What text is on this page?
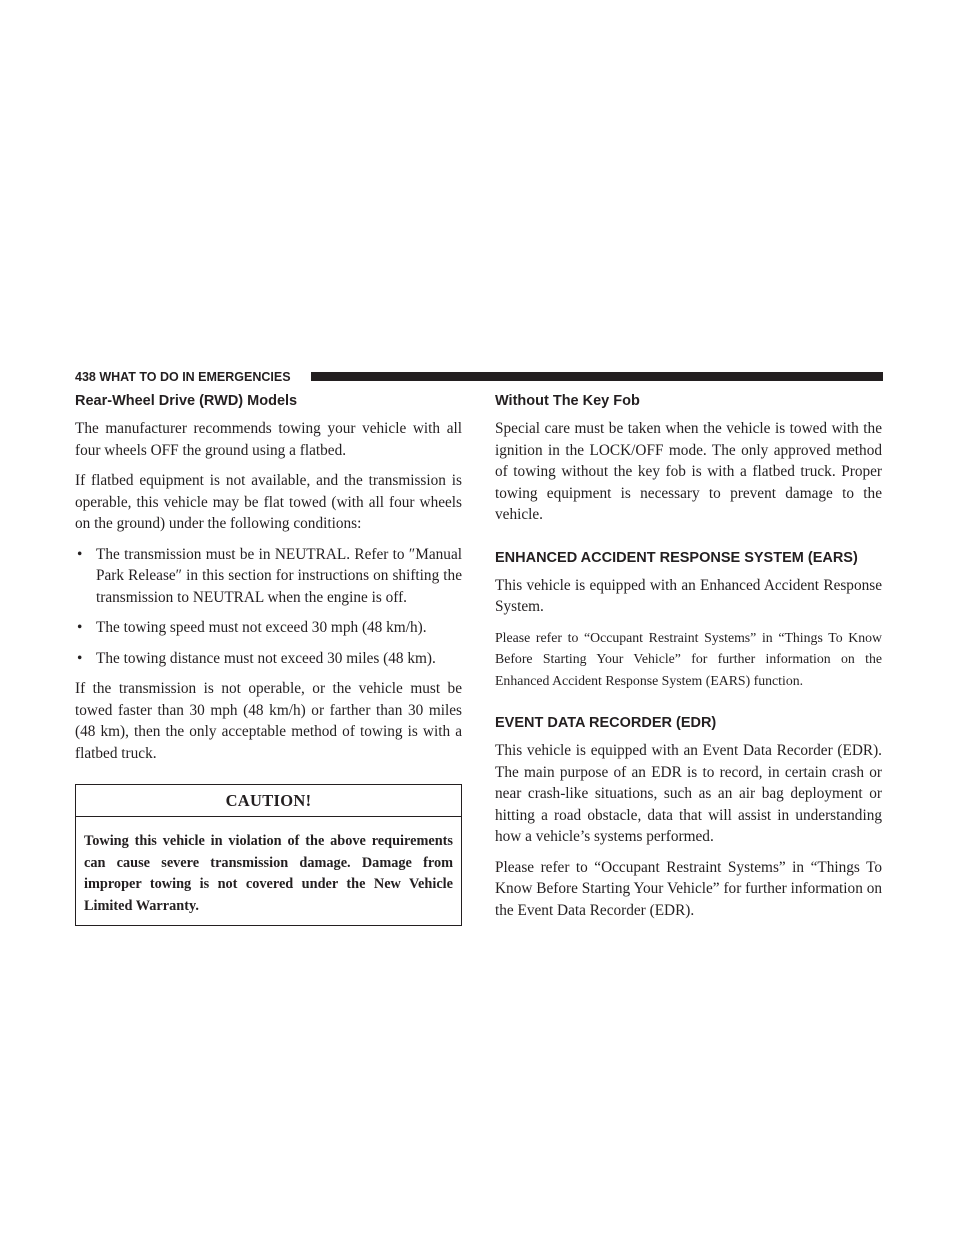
438 WHAT TO DO IN EMERGENCIES
Rear-Wheel Drive (RWD) Models

The manufacturer recommends towing your vehicle with all four wheels OFF the ground using a flatbed.

If flatbed equipment is not available, and the transmission is operable, this vehicle may be flat towed (with all four wheels on the ground) under the following conditions:

• The transmission must be in NEUTRAL. Refer to ″Manual Park Release″ in this section for instructions on shifting the transmission to NEUTRAL when the engine is off.
• The towing speed must not exceed 30 mph (48 km/h).
• The towing distance must not exceed 30 miles (48 km).

If the transmission is not operable, or the vehicle must be towed faster than 30 mph (48 km/h) or farther than 30 miles (48 km), then the only acceptable method of towing is with a flatbed truck.

CAUTION!
Towing this vehicle in violation of the above requirements can cause severe transmission damage. Damage from improper towing is not covered under the New Vehicle Limited Warranty.
Without The Key Fob

Special care must be taken when the vehicle is towed with the ignition in the LOCK/OFF mode. The only approved method of towing without the key fob is with a flatbed truck. Proper towing equipment is necessary to prevent damage to the vehicle.

ENHANCED ACCIDENT RESPONSE SYSTEM (EARS)

This vehicle is equipped with an Enhanced Accident Response System.

Please refer to “Occupant Restraint Systems” in “Things To Know Before Starting Your Vehicle” for further information on the Enhanced Accident Response System (EARS) function.

EVENT DATA RECORDER (EDR)

This vehicle is equipped with an Event Data Recorder (EDR). The main purpose of an EDR is to record, in certain crash or near crash-like situations, such as an air bag deployment or hitting a road obstacle, data that will assist in understanding how a vehicle’s systems performed.

Please refer to “Occupant Restraint Systems” in “Things To Know Before Starting Your Vehicle” for further information on the Event Data Recorder (EDR).
